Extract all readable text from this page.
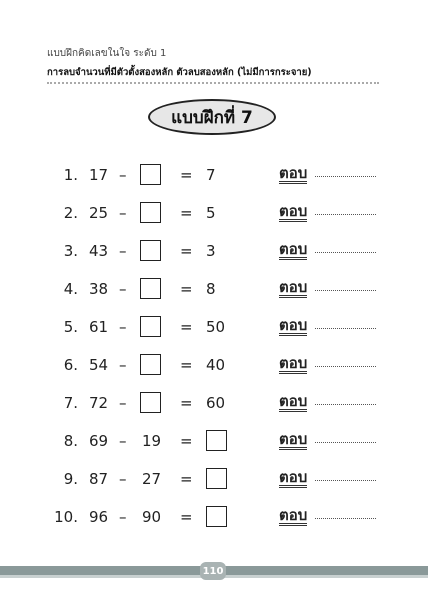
แบบฝึกคิดเลขในใจ ระดับ 1
การลบจำนวนที่มีตัวตั้งสองหลัก ตัวลบสองหลัก (ไม่มีการกระจาย)
แบบฝึกที่ 7
1. 17 –	= 7	ตอบ
2. 25 –	= 5	ตอบ
3. 43 –	= 3	ตอบ
4. 38 –	= 8	ตอบ
5. 61 –	= 50	ตอบ
6. 54 –	= 40	ตอบ
7. 72 –	= 60	ตอบ
8. 69 – 19 =	ตอบ
9. 87 – 27 =	ตอบ
10. 96 – 90 =	ตอบ
110
